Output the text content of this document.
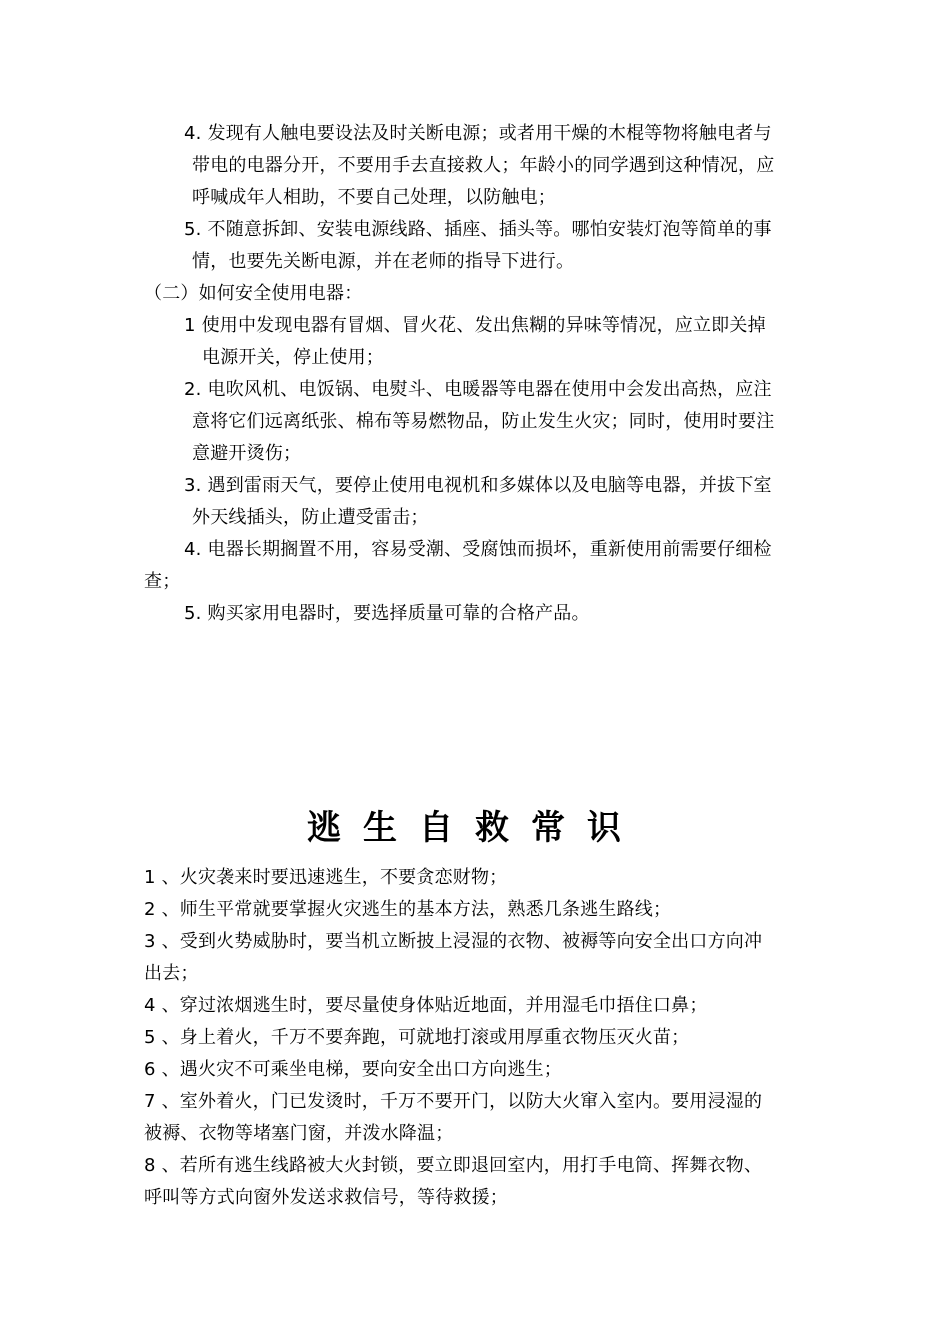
4. 发现有人触电要设法及时关断电源；或者用干燥的木棍等物将触电者与
带电的电器分开，不要用手去直接救人；年龄小的同学遇到这种情况，应
呼喊成年人相助，不要自己处理，以防触电；
5. 不随意拆卸、安装电源线路、插座、插头等。哪怕安装灯泡等简单的事
情，也要先关断电源，并在老师的指导下进行。
（二）如何安全使用电器：
1 使用中发现电器有冒烟、冒火花、发出焦糊的异味等情况，应立即关掉
电源开关，停止使用；
2. 电吹风机、电饭锅、电熨斗、电暖器等电器在使用中会发出高热，应注
意将它们远离纸张、棉布等易燃物品，防止发生火灾；同时，使用时要注
意避开烫伤；
3. 遇到雷雨天气，要停止使用电视机和多媒体以及电脑等电器，并拔下室
外天线插头，防止遭受雷击；
4. 电器长期搁置不用，容易受潮、受腐蚀而损坏，重新使用前需要仔细检
查；
5. 购买家用电器时，要选择质量可靠的合格产品。
逃生自救常识
1 、火灾袭来时要迅速逃生，不要贪恋财物；
2 、师生平常就要掌握火灾逃生的基本方法，熟悉几条逃生路线；
3 、受到火势威胁时，要当机立断披上浸湿的衣物、被褥等向安全出口方向冲
出去；
4 、穿过浓烟逃生时，要尽量使身体贴近地面，并用湿毛巾捂住口鼻；
5 、身上着火，千万不要奔跑，可就地打滚或用厚重衣物压灭火苗；
6 、遇火灾不可乘坐电梯，要向安全出口方向逃生；
7 、室外着火，门已发烫时，千万不要开门，以防大火窜入室内。要用浸湿的
被褥、衣物等堵塞门窗，并泼水降温；
8 、若所有逃生线路被大火封锁，要立即退回室内，用打手电筒、挥舞衣物、
呼叫等方式向窗外发送求救信号，等待救援；
